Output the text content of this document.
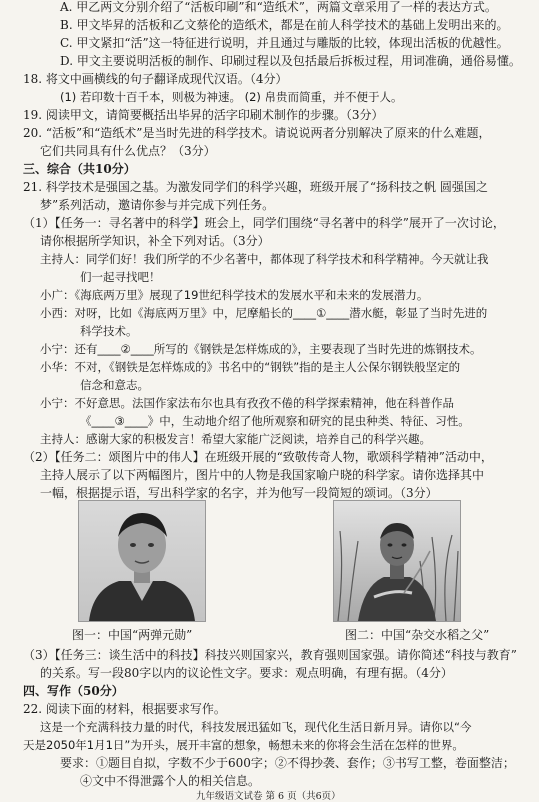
A. 甲乙两文分别介绍了“活板印刷”和“造纸术”，两篇文章采用了一样的表达方式。
B. 甲文毕昇的活板和乙文蔡伦的造纸术，都是在前人科学技术的基础上发明出来的。
C. 甲文紧扣“活”这一特征进行说明，并且通过与雕版的比较，体现出活板的优越性。
D. 甲文主要说明活板的制作、印刷过程以及包括最后拆板过程，用词准确，通俗易懂。
18. 将文中画横线的句子翻译成现代汉语。（4分）
(1) 若印数十百千本，则极为神速。 (2) 帛贵而简重，并不便于人。
19. 阅读甲文，请简要概括出毕昇的活字印刷术制作的步骤。（3分）
20. “活板”和“造纸术”是当时先进的科学技术。请说说两者分别解决了原来的什么难题，
它们共同具有什么优点？（3分）
三、综合（共10分）
21. 科学技术是强国之基。为激发同学们的科学兴趣，班级开展了“扬科技之帆 圆强国之
梦”系列活动，邀请你参与并完成下列任务。
（1）【任务一：寻名著中的科学】班会上，同学们围绕“寻名著中的科学”展开了一次讨论，
请你根据所学知识，补全下列对话。（3分）
主持人：同学们好！我们所学的不少名著中，都体现了科学技术和科学精神。今天就让我
们一起寻找吧！
小广：《海底两万里》展现了19世纪科学技术的发展水平和未来的发展潜力。
小西：对呀，比如《海底两万里》中，尼摩船长的____①____潜水艇，彰显了当时先进的
科学技术。
小宁：还有____②____所写的《钢铁是怎样炼成的》，主要表现了当时先进的炼钢技术。
小华：不对，《钢铁是怎样炼成的》书名中的“钢铁”指的是主人公保尔钢铁般坚定的
信念和意志。
小宁：不好意思。法国作家法布尔也具有孜孜不倦的科学探索精神，他在科普作品
《____③____》中，生动地介绍了他所观察和研究的昆虫种类、特征、习性。
主持人：感谢大家的积极发言！希望大家能广泛阅读，培养自己的科学兴趣。
（2）【任务二：颂图片中的伟人】在班级开展的“致敬传奇人物，歌颂科学精神”活动中，
主持人展示了以下两幅图片，图片中的人物是我国家喻户晓的科学家。请你选择其中
一幅，根据提示语，写出科学家的名字，并为他写一段简短的颂词。（3分）
图一：中国“两弹元勋”	图二：中国“杂交水稻之父”
（3）【任务三：谈生活中的科技】科技兴则国家兴，教育强则国家强。请你简述“科技与教育”
的关系。写一段80字以内的议论性文字。要求：观点明确，有理有据。（4分）
四、写作（50分）
22. 阅读下面的材料，根据要求写作。
这是一个充满科技力量的时代，科技发展迅猛如飞，现代化生活日新月异。请你以“今
天是2050年1月1日”为开头，展开丰富的想象，畅想未来的你将会生活在怎样的世界。
要求：①题目自拟，字数不少于600字；②不得抄袭、套作；③书写工整，卷面整洁；
④文中不得泄露个人的相关信息。
九年级语文试卷 第 6 页（共6页）
